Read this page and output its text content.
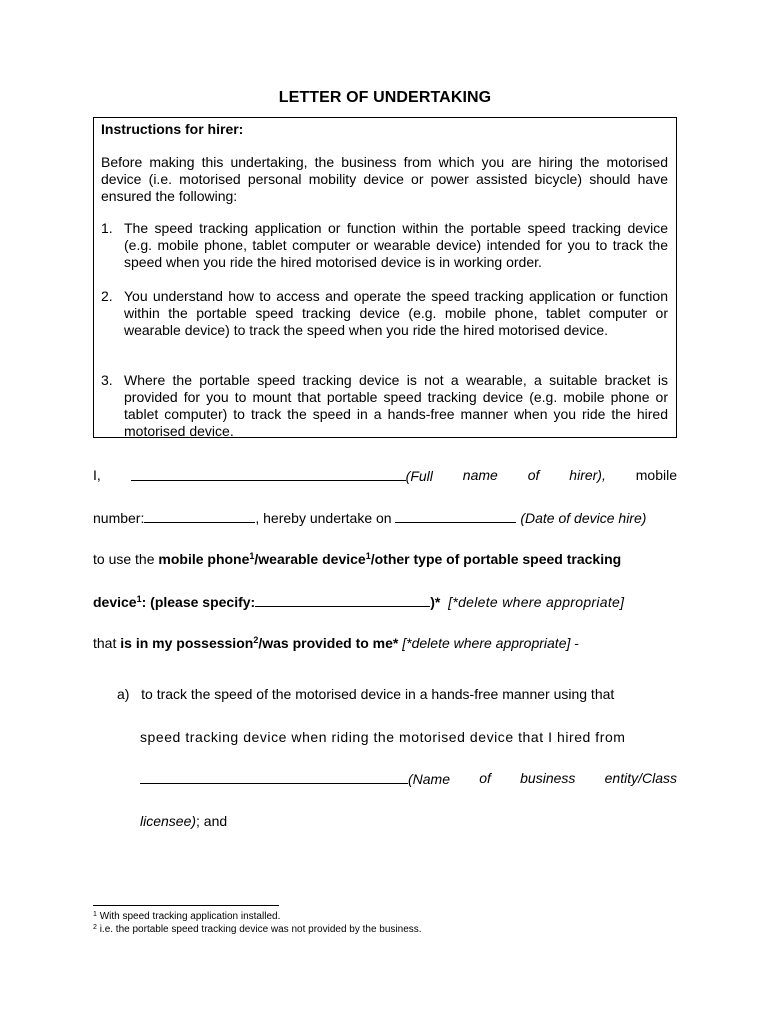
LETTER OF UNDERTAKING
Instructions for hirer:
Before making this undertaking, the business from which you are hiring the motorised device (i.e. motorised personal mobility device or power assisted bicycle) should have ensured the following:
1. The speed tracking application or function within the portable speed tracking device (e.g. mobile phone, tablet computer or wearable device) intended for you to track the speed when you ride the hired motorised device is in working order.
2. You understand how to access and operate the speed tracking application or function within the portable speed tracking device (e.g. mobile phone, tablet computer or wearable device) to track the speed when you ride the hired motorised device.
3. Where the portable speed tracking device is not a wearable, a suitable bracket is provided for you to mount that portable speed tracking device (e.g. mobile phone or tablet computer) to track the speed in a hands-free manner when you ride the hired motorised device.
I,	(Full name of hirer), mobile
number:	, hereby undertake on	(Date of device hire)
to use the mobile phone$^1$/wearable device$^1$/other type of portable speed tracking
device$^1$: (please specify:	)* [*delete where appropriate]
that is in my possession$^2$/was provided to me* [*delete where appropriate] -
a) to track the speed of the motorised device in a hands-free manner using that
speed tracking device when riding the motorised device that I hired from
(Name of business entity/Class
licensee); and
$^1$ With speed tracking application installed.
$^2$ i.e. the portable speed tracking device was not provided by the business.
